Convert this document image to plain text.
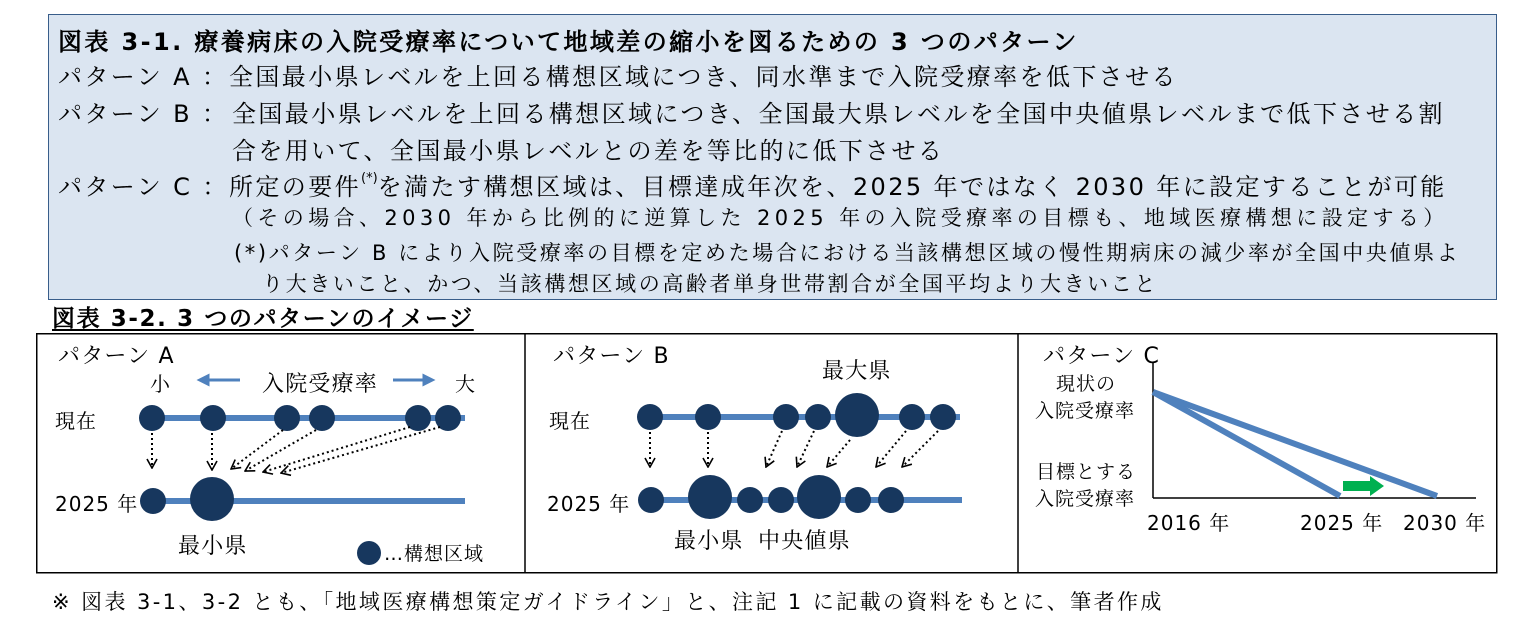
図表 3-1. 療養病床の入院受療率について地域差の縮小を図るための 3 つのパターン
パターン A ： 全国最小県レベルを上回る構想区域につき、同水準まで入院受療率を低下させる
パターン B ： 全国最小県レベルを上回る構想区域につき、全国最大県レベルを全国中央値県レベルまで低下させる割
合を用いて、全国最小県レベルとの差を等比的に低下させる
パターン C ： 所定の要件(*)を満たす構想区域は、目標達成年次を、2025 年ではなく 2030 年に設定することが可能
（その場合、2030 年から比例的に逆算した 2025 年の入院受療率の目標も、地域医療構想に設定する）
(*)パターン B により入院受療率の目標を定めた場合における当該構想区域の慢性期病床の減少率が全国中央値県よ
り大きいこと、かつ、当該構想区域の高齢者単身世帯割合が全国平均より大きいこと
図表 3-2. 3 つのパターンのイメージ
パターン A
小	入院受療率	大
現在
2025 年
最小県	…構想区域
パターン B
最大県
現在
2025 年
最小県 中央値県
パターン C
現状の
入院受療率
目標とする
入院受療率
2016 年	2025 年 2030 年
※ 図表 3-1、3-2 とも、「地域医療構想策定ガイドライン」と、注記 1 に記載の資料をもとに、筆者作成
